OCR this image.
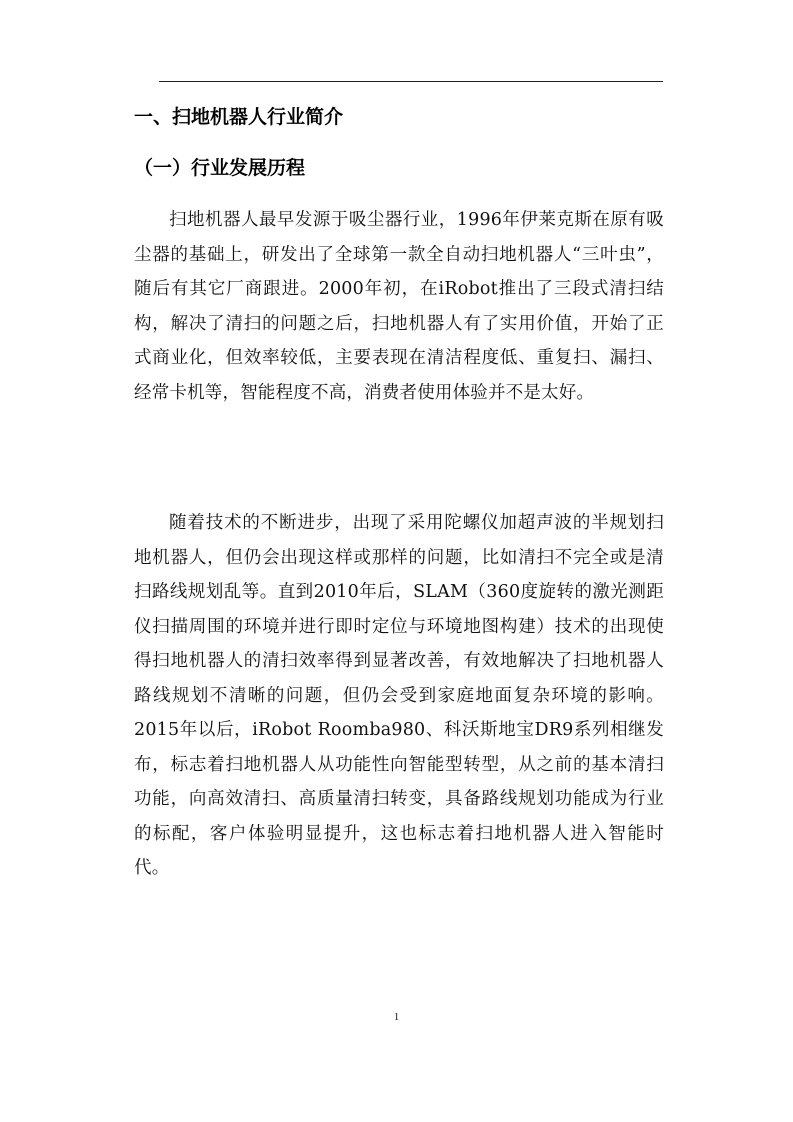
一、扫地机器人行业简介
（一）行业发展历程

扫地机器人最早发源于吸尘器行业，1996年伊莱克斯在原有吸尘器的基础上，研发出了全球第一款全自动扫地机器人“三叶虫”，随后有其它厂商跟进。2000年初，在iRobot推出了三段式清扫结构，解决了清扫的问题之后，扫地机器人有了实用价值，开始了正式商业化，但效率较低，主要表现在清洁程度低、重复扫、漏扫、经常卡机等，智能程度不高，消费者使用体验并不是太好。

随着技术的不断进步，出现了采用陀螺仪加超声波的半规划扫地机器人，但仍会出现这样或那样的问题，比如清扫不完全或是清扫路线规划乱等。直到2010年后，SLAM（360度旋转的激光测距仪扫描周围的环境并进行即时定位与环境地图构建）技术的出现使得扫地机器人的清扫效率得到显著改善，有效地解决了扫地机器人路线规划不清晰的问题，但仍会受到家庭地面复杂环境的影响。 2015年以后，iRobot Roomba980、科沃斯地宝DR9系列相继发布，标志着扫地机器人从功能性向智能型转型，从之前的基本清扫功能，向高效清扫、高质量清扫转变，具备路线规划功能成为行业的标配，客户体验明显提升，这也标志着扫地机器人进入智能时代。

1
